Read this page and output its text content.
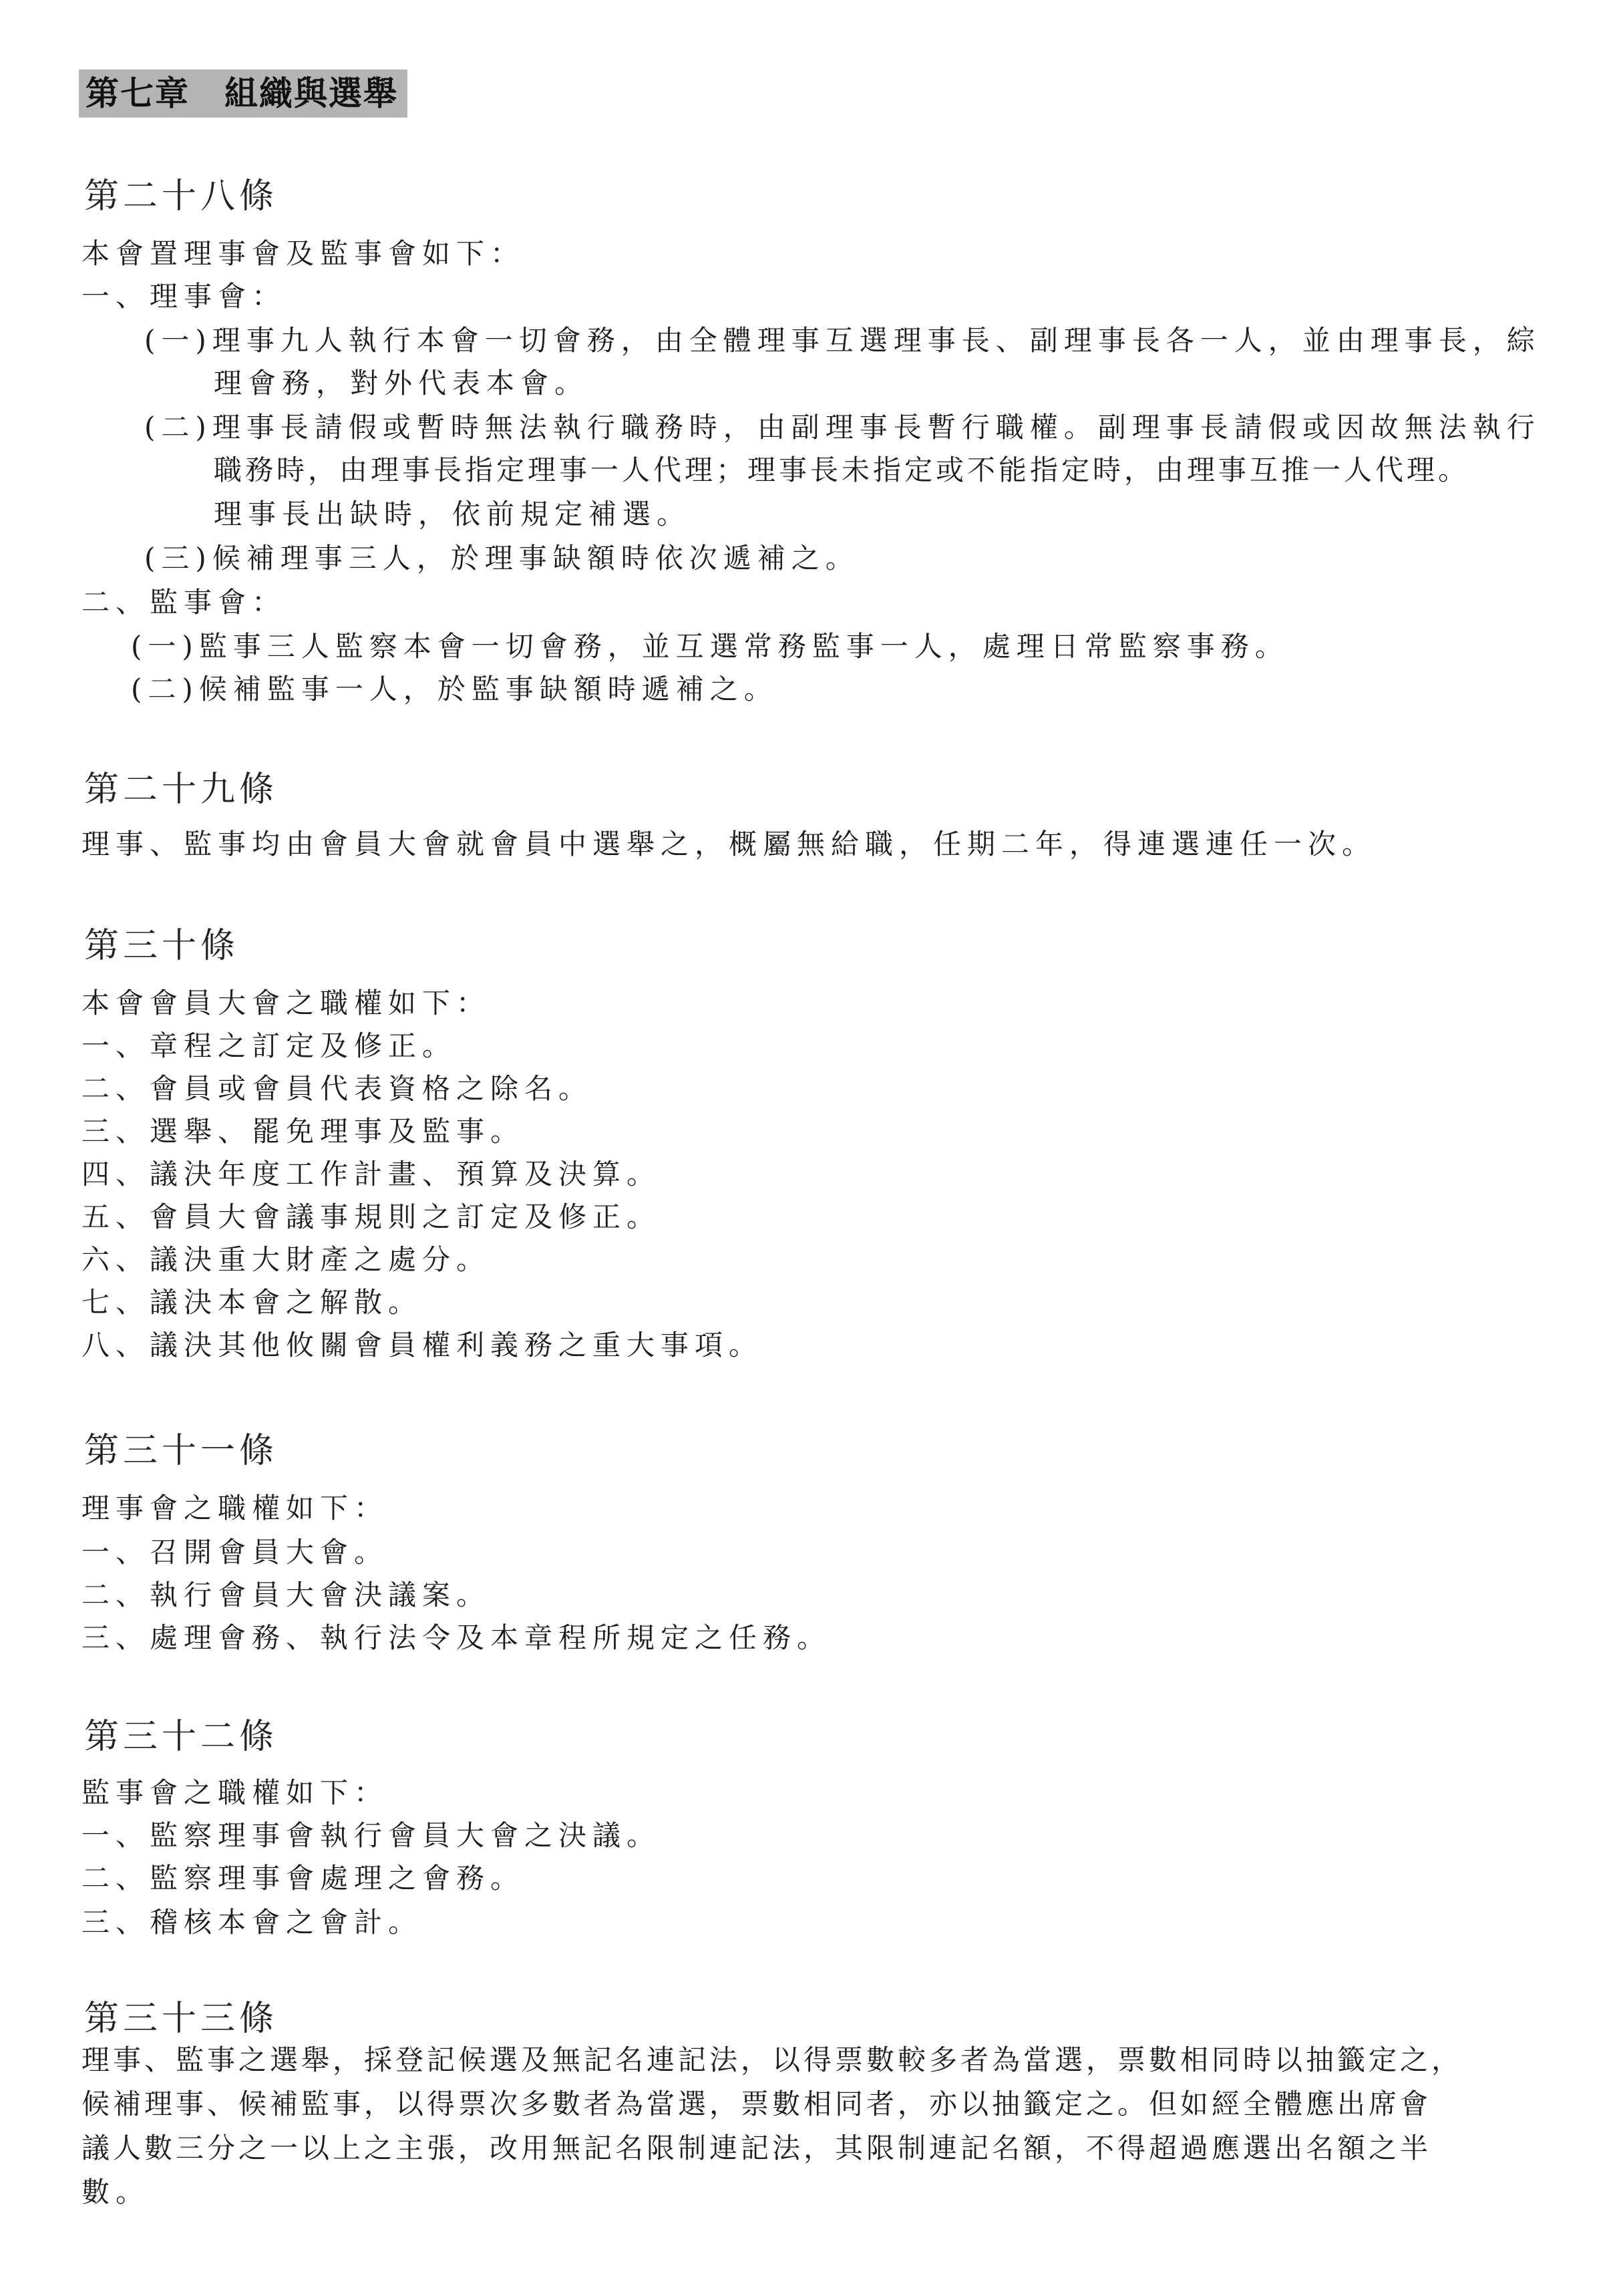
第七章　組織與選舉
第二十八條
本會置理事會及監事會如下：
一、理事會：
(一)理事九人執行本會一切會務，由全體理事互選理事長、副理事長各一人，並由理事長，綜
理會務，對外代表本會。
(二)理事長請假或暫時無法執行職務時，由副理事長暫行職權。副理事長請假或因故無法執行
職務時，由理事長指定理事一人代理；理事長未指定或不能指定時，由理事互推一人代理。
理事長出缺時，依前規定補選。
(三)候補理事三人，於理事缺額時依次遞補之。
二、監事會：
(一)監事三人監察本會一切會務，並互選常務監事一人，處理日常監察事務。
(二)候補監事一人，於監事缺額時遞補之。
第二十九條
理事、監事均由會員大會就會員中選舉之，概屬無給職，任期二年，得連選連任一次。
第三十條
本會會員大會之職權如下：
一、章程之訂定及修正。
二、會員或會員代表資格之除名。
三、選舉、罷免理事及監事。
四、議決年度工作計畫、預算及決算。
五、會員大會議事規則之訂定及修正。
六、議決重大財產之處分。
七、議決本會之解散。
八、議決其他攸關會員權利義務之重大事項。
第三十一條
理事會之職權如下：
一、召開會員大會。
二、執行會員大會決議案。
三、處理會務、執行法令及本章程所規定之任務。
第三十二條
監事會之職權如下：
一、監察理事會執行會員大會之決議。
二、監察理事會處理之會務。
三、稽核本會之會計。
第三十三條
理事、監事之選舉，採登記候選及無記名連記法，以得票數較多者為當選，票數相同時以抽籤定之，
候補理事、候補監事，以得票次多數者為當選，票數相同者，亦以抽籤定之。但如經全體應出席會
議人數三分之一以上之主張，改用無記名限制連記法，其限制連記名額，不得超過應選出名額之半
數。
